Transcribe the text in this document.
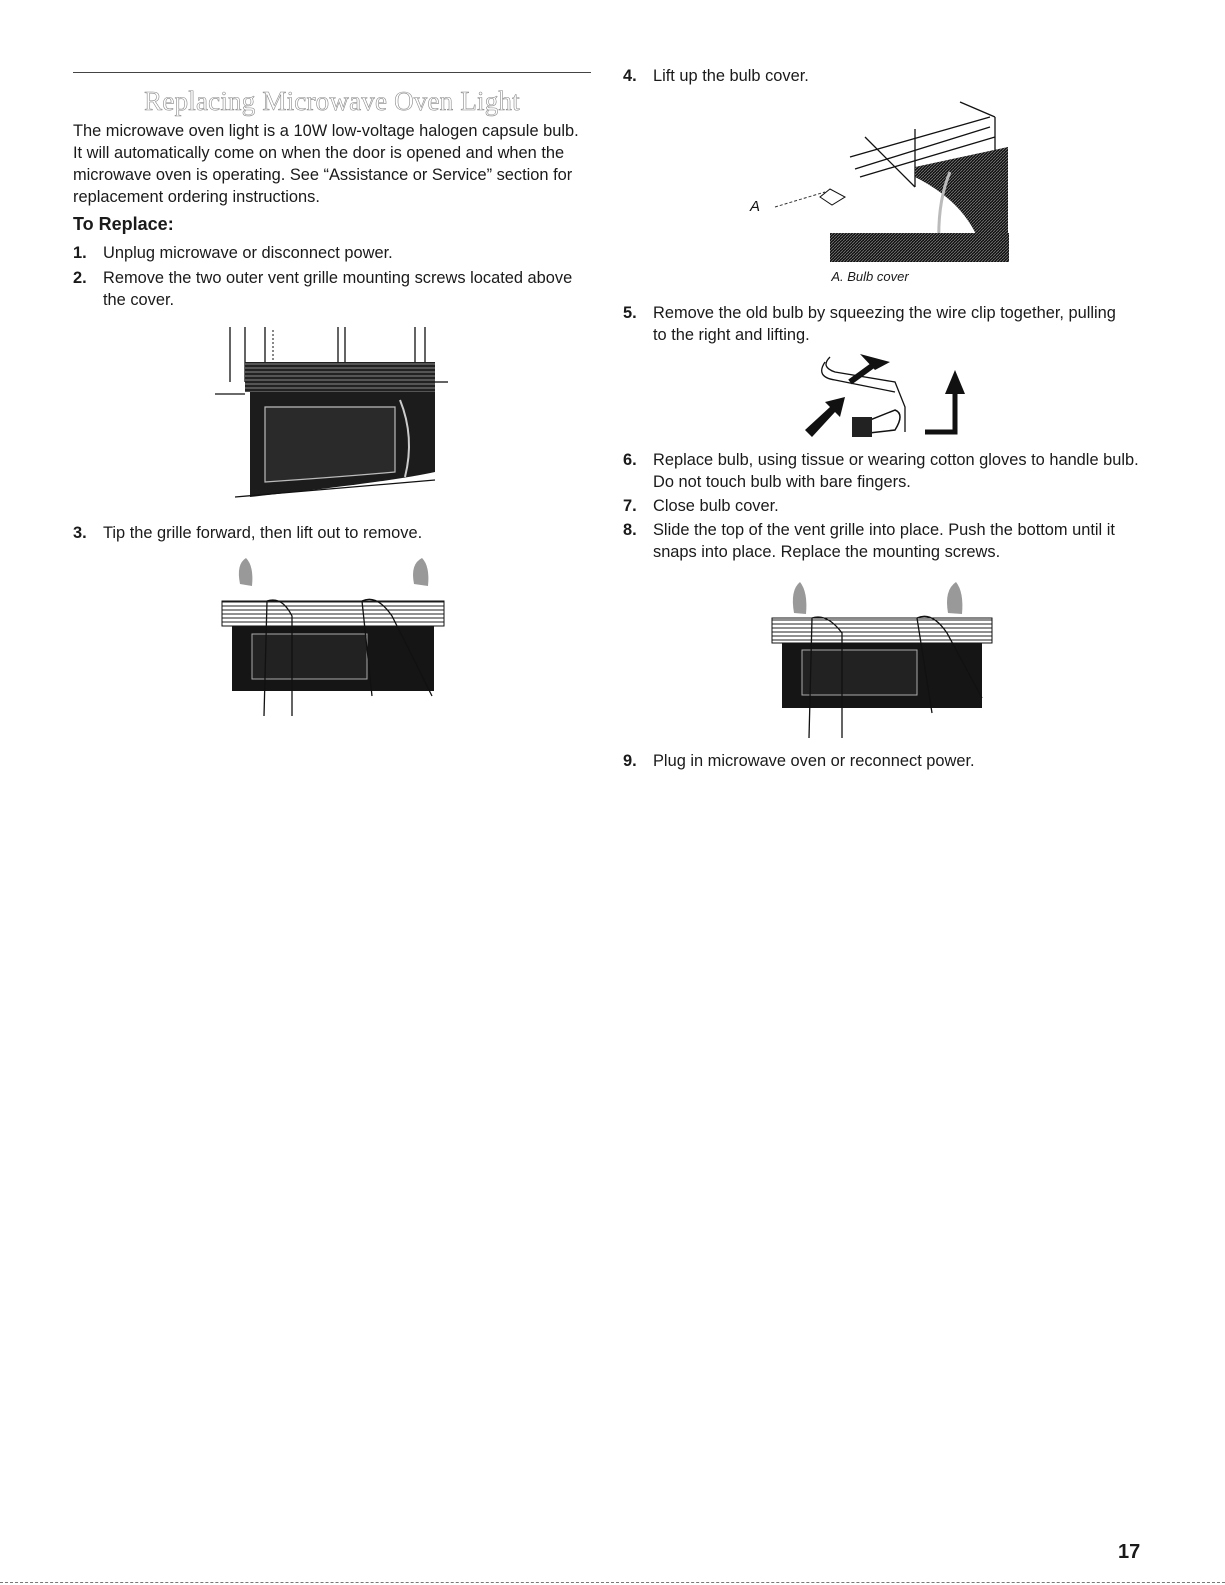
Replacing Microwave Oven Light

The microwave oven light is a 10W low-voltage halogen capsule bulb. It will automatically come on when the door is opened and when the microwave oven is operating. See “Assistance or Service” section for replacement ordering instructions.

To Replace:
1. Unplug microwave or disconnect power.
2. Remove the two outer vent grille mounting screws located above the cover.
3. Tip the grille forward, then lift out to remove.
4. Lift up the bulb cover.
5. Remove the old bulb by squeezing the wire clip together, pulling to the right and lifting.
6. Replace bulb, using tissue or wearing cotton gloves to handle bulb. Do not touch bulb with bare fingers.
7. Close bulb cover.
8. Slide the top of the vent grille into place. Push the bottom until it snaps into place. Replace the mounting screws.
9. Plug in microwave oven or reconnect power.
A

A. Bulb cover

17
